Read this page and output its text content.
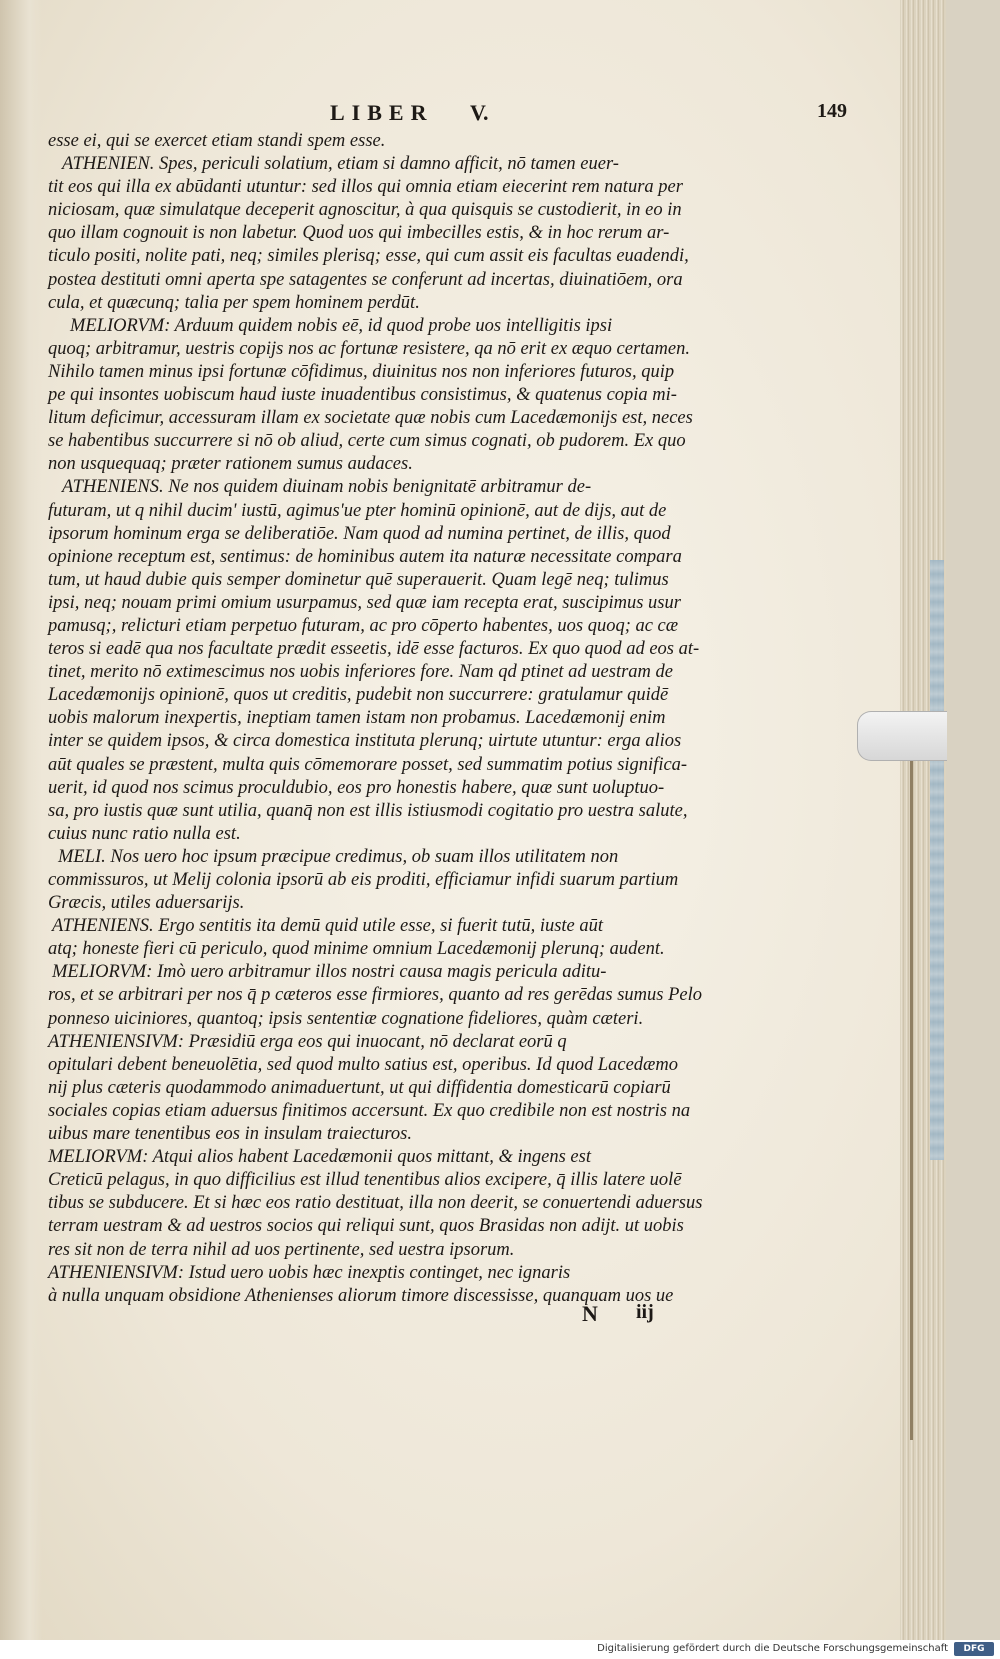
LIBER V.	149
esse ei, qui se exercet etiam standi spem esse.
ATHENIEN. Spes, periculi solatium, etiam si damno afficit, nō tamen euer-
tit eos qui illa ex abūdanti utuntur: sed illos qui omnia etiam eiecerint rem natura per
niciosam, quæ simulatque deceperit agnoscitur, à qua quisquis se custodierit, in eo in
quo illam cognouit is non labetur. Quod uos qui imbecilles estis, & in hoc rerum ar-
ticulo positi, nolite pati, neq; similes plerisq; esse, qui cum assit eis facultas euadendi,
postea destituti omni aperta spe satagentes se conferunt ad incertas, diuinatiōem, ora
cula, et quæcunq; talia per spem hominem perdūt.
MELIORVM: Arduum quidem nobis eē, id quod probe uos intelligitis ipsi
quoq; arbitramur, uestris copijs nos ac fortunæ resistere, qa nō erit ex æquo certamen.
Nihilo tamen minus ipsi fortunæ cōfidimus, diuinitus nos non inferiores futuros, quip
pe qui insontes uobiscum haud iuste inuadentibus consistimus, & quatenus copia mi-
litum deficimur, accessuram illam ex societate quæ nobis cum Lacedæmonijs est, neces
se habentibus succurrere si nō ob aliud, certe cum simus cognati, ob pudorem. Ex quo
non usquequaq; præter rationem sumus audaces.
ATHENIENS. Ne nos quidem diuinam nobis benignitatē arbitramur de-
futuram, ut q nihil ducim' iustū, agimus'ue pter hominū opinionē, aut de dijs, aut de
ipsorum hominum erga se deliberatiōe. Nam quod ad numina pertinet, de illis, quod
opinione receptum est, sentimus: de hominibus autem ita naturæ necessitate compara
tum, ut haud dubie quis semper dominetur quē superauerit. Quam legē neq; tulimus
ipsi, neq; nouam primi omium usurpamus, sed quæ iam recepta erat, suscipimus usur
pamusq;, relicturi etiam perpetuo futuram, ac pro cōperto habentes, uos quoq; ac cæ
teros si eadē qua nos facultate prædit esseetis, idē esse facturos. Ex quo quod ad eos at-
tinet, merito nō extimescimus nos uobis inferiores fore. Nam qd ptinet ad uestram de
Lacedæmonijs opinionē, quos ut creditis, pudebit non succurrere: gratulamur quidē
uobis malorum inexpertis, ineptiam tamen istam non probamus. Lacedæmonij enim
inter se quidem ipsos, & circa domestica instituta plerunq; uirtute utuntur: erga alios
aūt quales se præstent, multa quis cōmemorare posset, sed summatim potius significa-
uerit, id quod nos scimus proculdubio, eos pro honestis habere, quæ sunt uoluptuo-
sa, pro iustis quæ sunt utilia, quanq̄ non est illis istiusmodi cogitatio pro uestra salute,
cuius nunc ratio nulla est.
MELI. Nos uero hoc ipsum præcipue credimus, ob suam illos utilitatem non
commissuros, ut Melij colonia ipsorū ab eis proditi, efficiamur infidi suarum partium
Græcis, utiles aduersarijs.
ATHENIENS. Ergo sentitis ita demū quid utile esse, si fuerit tutū, iuste aūt
atq; honeste fieri cū periculo, quod minime omnium Lacedæmonij plerunq; audent.
MELIORVM: Imò uero arbitramur illos nostri causa magis pericula aditu-
ros, et se arbitrari per nos q̄ p cæteros esse firmiores, quanto ad res gerēdas sumus Pelo
ponneso uiciniores, quantoq; ipsis sententiæ cognatione fideliores, quàm cæteri.
ATHENIENSIVM: Præsidiū erga eos qui inuocant, nō declarat eorū q
opitulari debent beneuolētia, sed quod multo satius est, operibus. Id quod Lacedæmo
nij plus cæteris quodammodo animaduertunt, ut qui diffidentia domesticarū copiarū
sociales copias etiam aduersus finitimos accersunt. Ex quo credibile non est nostris na
uibus mare tenentibus eos in insulam traiecturos.
MELIORVM: Atqui alios habent Lacedæmonii quos mittant, & ingens est
Creticū pelagus, in quo difficilius est illud tenentibus alios excipere, q̄ illis latere uolē
tibus se subducere. Et si hæc eos ratio destituat, illa non deerit, se conuertendi aduersus
terram uestram & ad uestros socios qui reliqui sunt, quos Brasidas non adijt. ut uobis
res sit non de terra nihil ad uos pertinente, sed uestra ipsorum.
ATHENIENSIVM: Istud uero uobis hæc inexptis continget, nec ignaris
à nulla unquam obsidione Athenienses aliorum timore discessisse, quanquam uos ue
N iij
Digitalisierung gefördert durch die Deutsche Forschungsgemeinschaft	DFG
